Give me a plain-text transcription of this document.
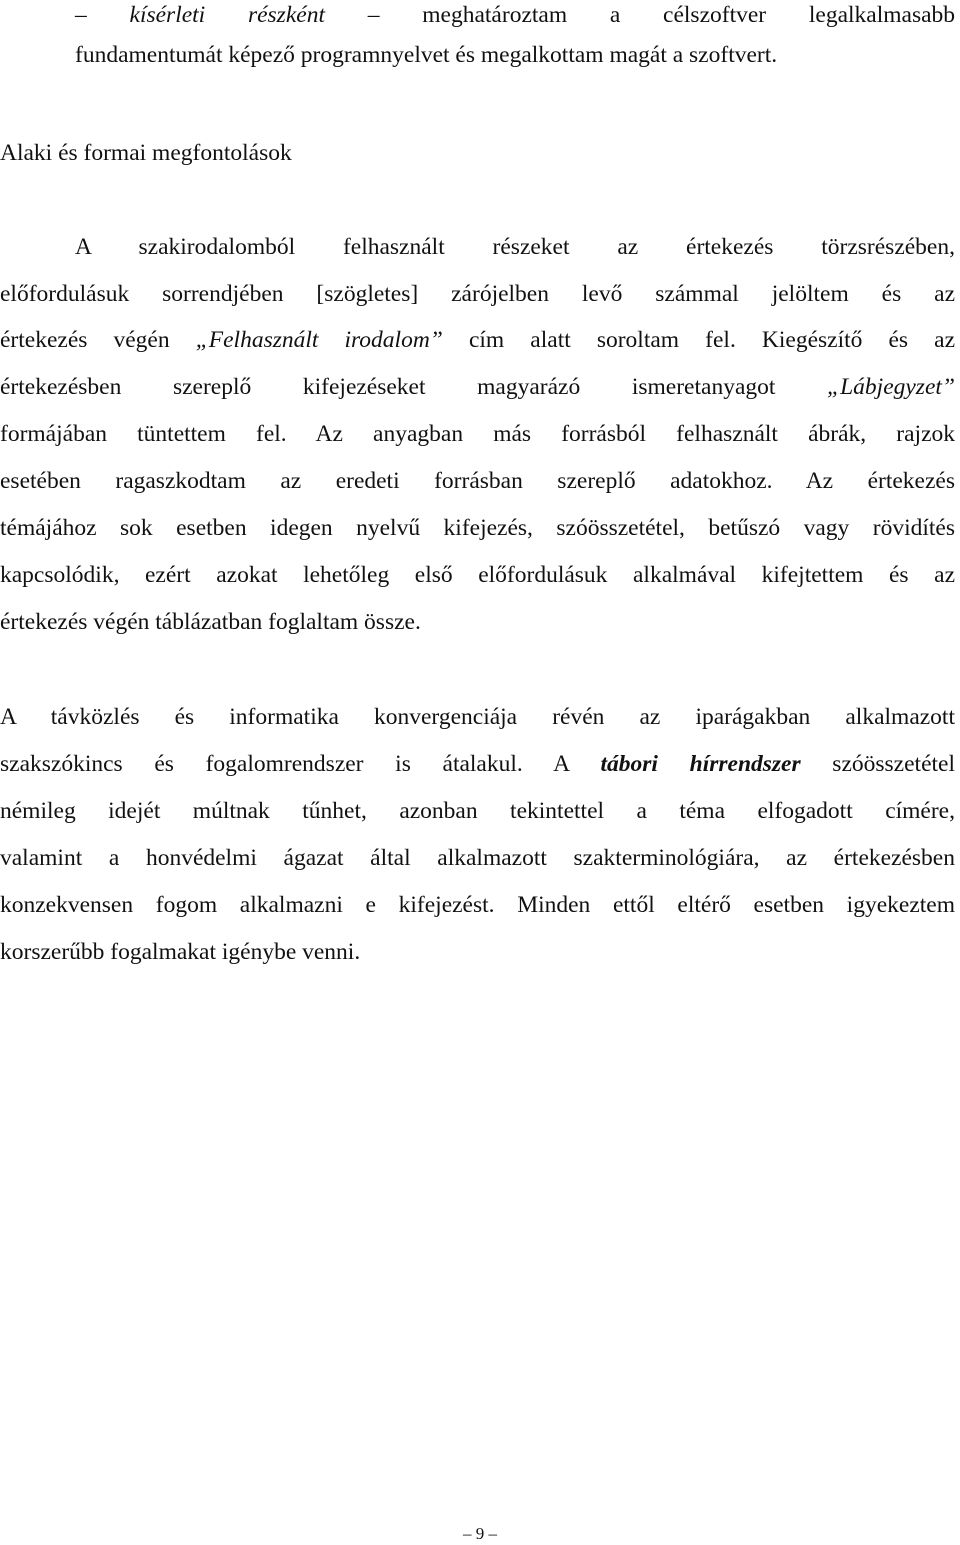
– kísérleti részként – meghatároztam a célszoftver legalkalmasabb
fundamentumát képező programnyelvet és megalkottam magát a szoftvert.
Alaki és formai megfontolások
A szakirodalomból felhasznált részeket az értekezés törzsrészében,
előfordulásuk sorrendjében [szögletes] zárójelben levő számmal jelöltem és az
értekezés végén „Felhasznált irodalom” cím alatt soroltam fel. Kiegészítő és az
értekezésben szereplő kifejezéseket magyarázó ismeretanyagot „Lábjegyzet”
formájában tüntettem fel. Az anyagban más forrásból felhasznált ábrák, rajzok
esetében ragaszkodtam az eredeti forrásban szereplő adatokhoz. Az értekezés
témájához sok esetben idegen nyelvű kifejezés, szóösszetétel, betűszó vagy rövidítés
kapcsolódik, ezért azokat lehetőleg első előfordulásuk alkalmával kifejtettem és az
értekezés végén táblázatban foglaltam össze.
A távközlés és informatika konvergenciája révén az iparágakban alkalmazott
szakszókincs és fogalomrendszer is átalakul. A tábori hírrendszer szóösszetétel
némileg idejét múltnak tűnhet, azonban tekintettel a téma elfogadott címére,
valamint a honvédelmi ágazat által alkalmazott szakterminológiára, az értekezésben
konzekvensen fogom alkalmazni e kifejezést. Minden ettől eltérő esetben igyekeztem
korszerűbb fogalmakat igénybe venni.
– 9 –
